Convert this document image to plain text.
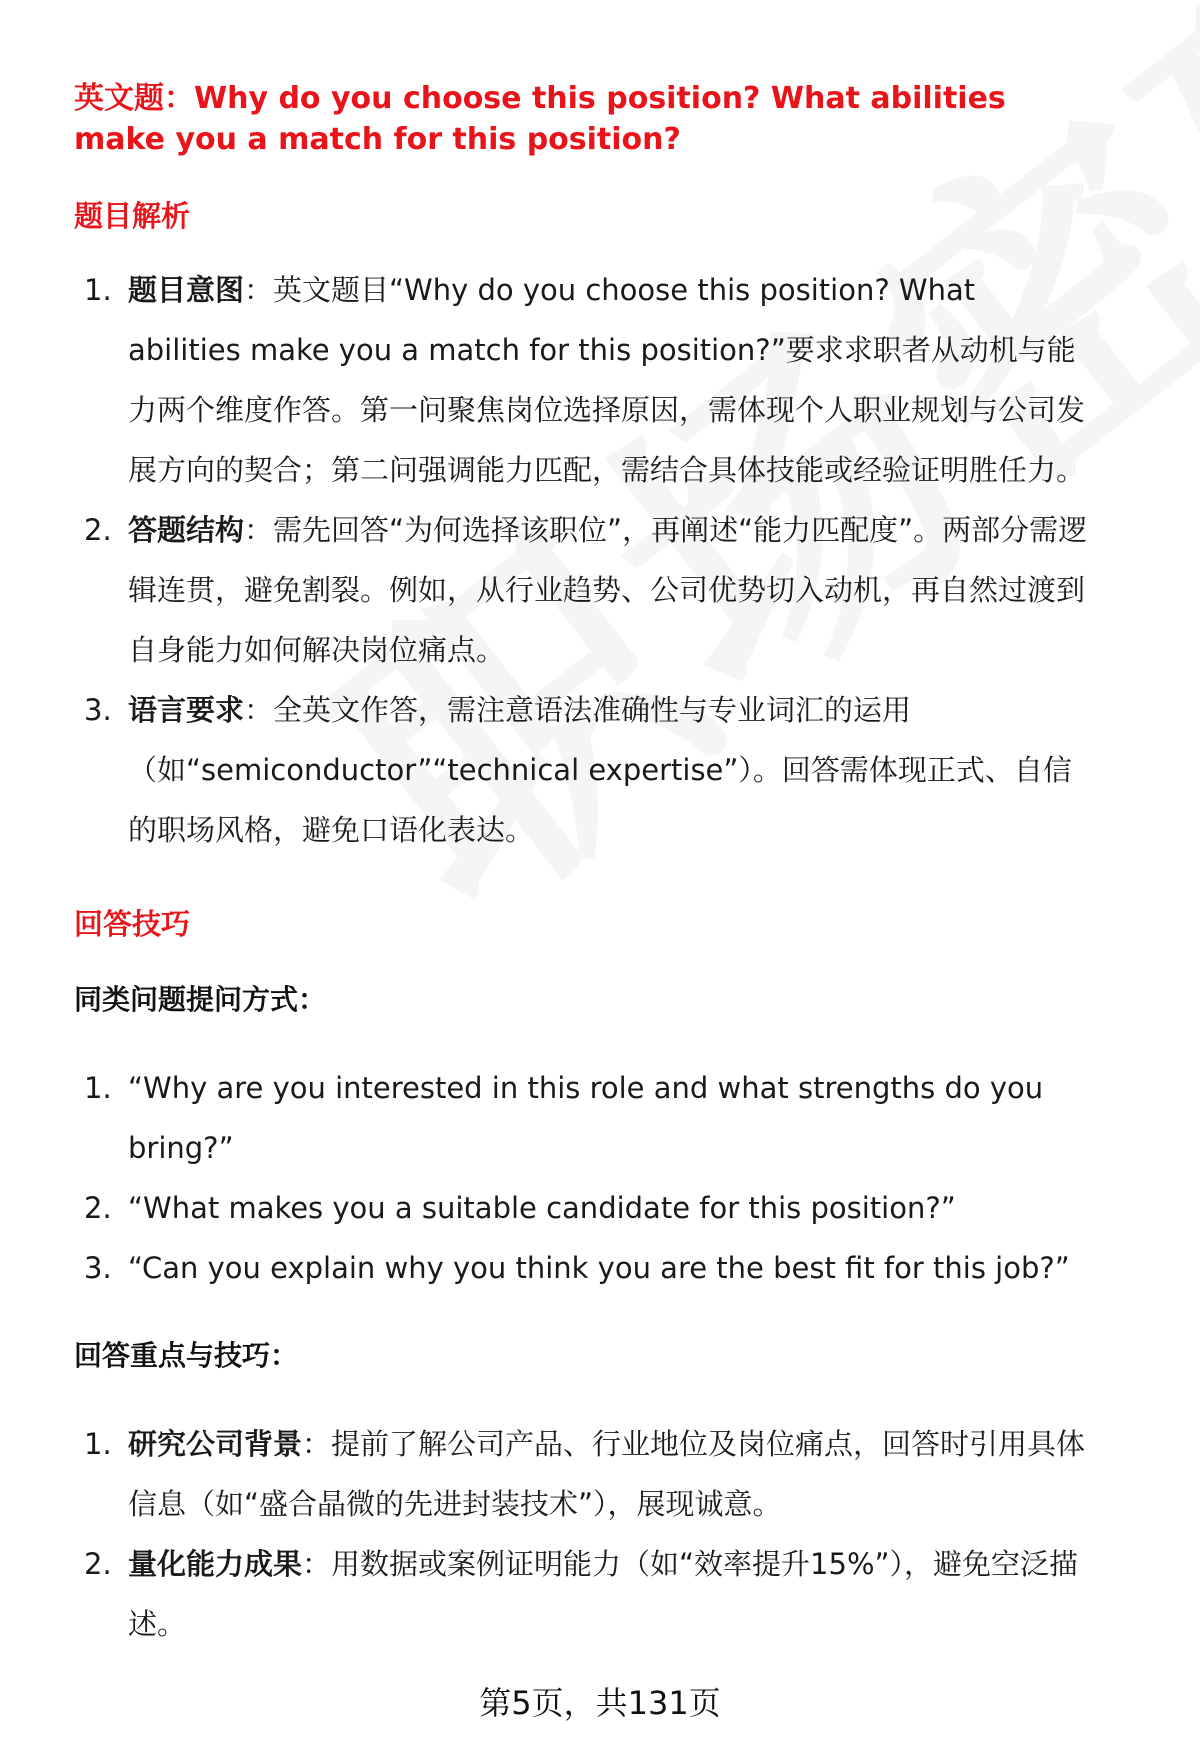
英文题：Why do you choose this position? What abilities make you a match for this position?

题目解析
1. 题目意图：英文题目“Why do you choose this position? What abilities make you a match for this position?”要求求职者从动机与能力两个维度作答。第一问聚焦岗位选择原因，需体现个人职业规划与公司发展方向的契合；第二问强调能力匹配，需结合具体技能或经验证明胜任力。
2. 答题结构：需先回答“为何选择该职位”，再阐述“能力匹配度”。两部分需逻辑连贯，避免割裂。例如，从行业趋势、公司优势切入动机，再自然过渡到自身能力如何解决岗位痛点。
3. 语言要求：全英文作答，需注意语法准确性与专业词汇的运用（如“semiconductor”“technical expertise”）。回答需体现正式、自信的职场风格，避免口语化表达。
回答技巧

同类问题提问方式：

1. “Why are you interested in this role and what strengths do you bring?”
2. “What makes you a suitable candidate for this position?”
3. “Can you explain why you think you are the best fit for this job?”

回答重点与技巧：

1. 研究公司背景：提前了解公司产品、行业地位及岗位痛点，回答时引用具体信息（如“盛合晶微的先进封装技术”），展现诚意。
2. 量化能力成果：用数据或案例证明能力（如“效率提升15%”），避免空泛描述。
第5页，共131页
